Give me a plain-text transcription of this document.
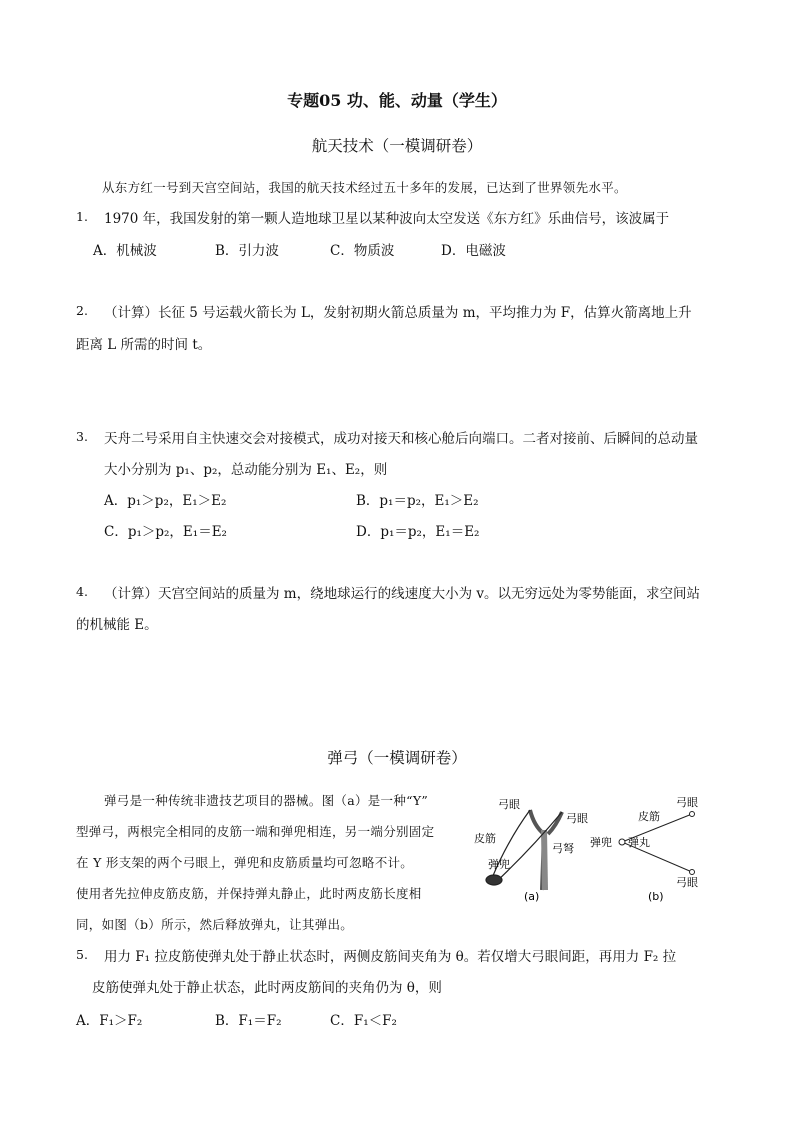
专题05 功、能、动量（学生）
航天技术（一模调研卷）
从东方红一号到天宫空间站，我国的航天技术经过五十多年的发展，已达到了世界领先水平。
1. 1970 年，我国发射的第一颗人造地球卫星以某种波向太空发送《东方红》乐曲信号，该波属于
A．机械波	B．引力波	C．物质波	D．电磁波
2. （计算）长征 5 号运载火箭长为 L，发射初期火箭总质量为 m，平均推力为 F，估算火箭离地上升
距离 L 所需的时间 t。
3. 天舟二号采用自主快速交会对接模式，成功对接天和核心舱后向端口。二者对接前、后瞬间的总动量
大小分别为 p₁、p₂，总动能分别为 E₁、E₂，则
A．p₁＞p₂，E₁＞E₂	B．p₁＝p₂，E₁＞E₂
C．p₁＞p₂，E₁＝E₂	D．p₁＝p₂，E₁＝E₂
4. （计算）天宫空间站的质量为 m，绕地球运行的线速度大小为 v。以无穷远处为零势能面，求空间站
的机械能 E。
弹弓（一模调研卷）
弹弓是一种传统非遗技艺项目的器械。图（a）是一种“Y”
型弹弓，两根完全相同的皮筋一端和弹兜相连，另一端分别固定
在 Y 形支架的两个弓眼上，弹兜和皮筋质量均可忽略不计。
使用者先拉伸皮筋皮筋，并保持弹丸静止，此时两皮筋长度相
同，如图（b）所示，然后释放弹丸，让其弹出。
弓眼
弓眼
皮筋
弹兜
弓弩
(a)
弓眼
弓眼
皮筋
弹兜 弹丸
(b)
5. 用力 F₁ 拉皮筋使弹丸处于静止状态时，两侧皮筋间夹角为 θ。若仅增大弓眼间距，再用力 F₂ 拉
皮筋使弹丸处于静止状态，此时两皮筋间的夹角仍为 θ，则
A．F₁＞F₂	B．F₁＝F₂	C．F₁＜F₂
